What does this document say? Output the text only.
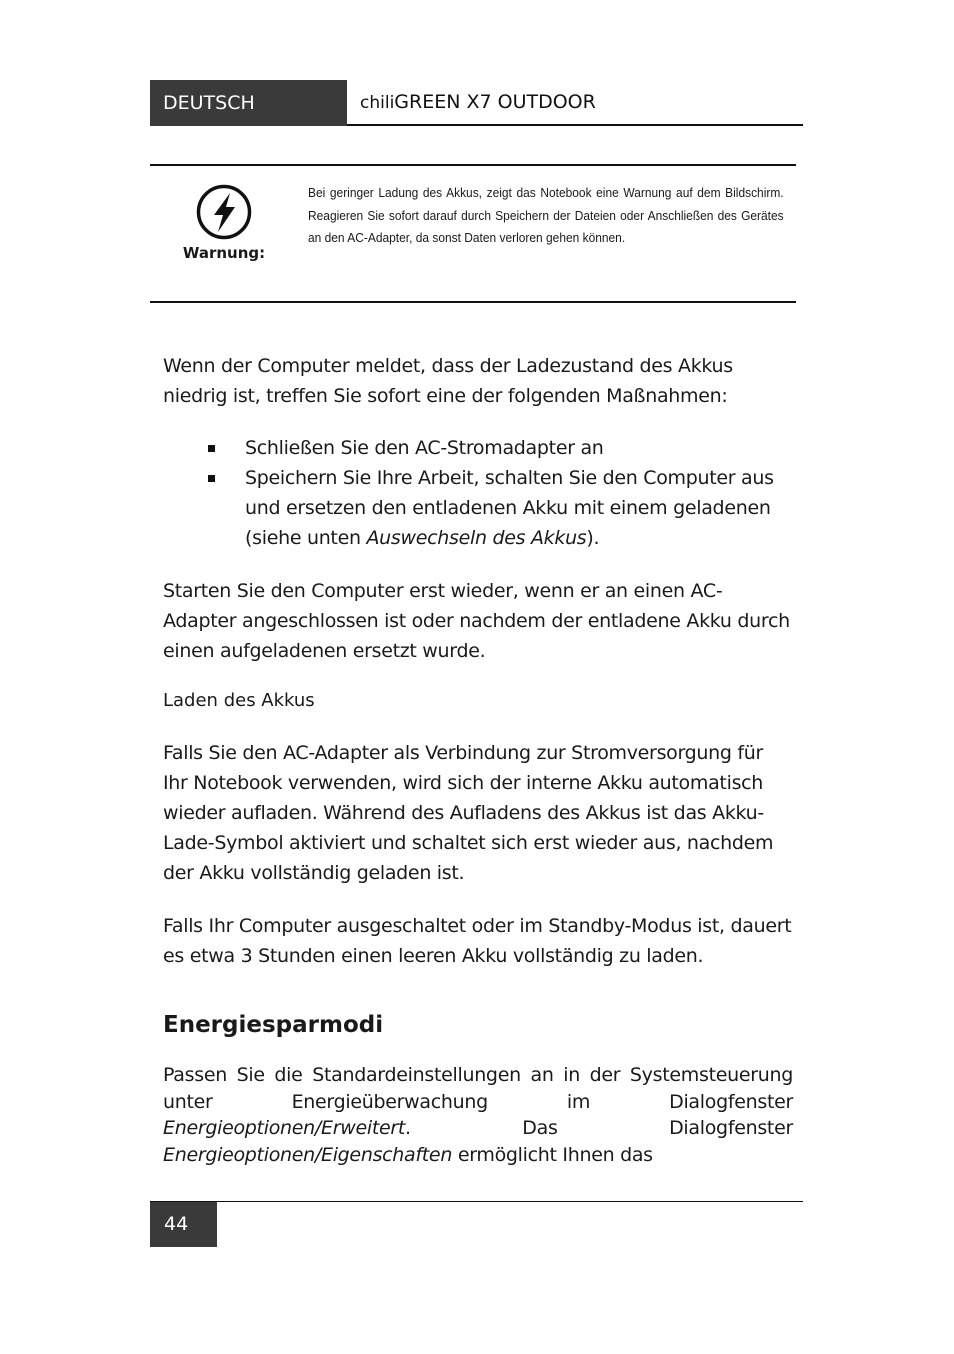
DEUTSCH	chiliGREEN X7 OUTDOOR
Warnung:
Bei geringer Ladung des Akkus, zeigt das Notebook eine Warnung auf dem Bildschirm. Reagieren Sie sofort darauf durch Speichern der Dateien oder Anschließen des Gerätes an den AC-Adapter, da sonst Daten verloren gehen können.
Wenn der Computer meldet, dass der Ladezustand des Akkus niedrig ist, treffen Sie sofort eine der folgenden Maßnahmen:
Schließen Sie den AC-Stromadapter an
Speichern Sie Ihre Arbeit, schalten Sie den Computer aus und ersetzen den entladenen Akku mit einem geladenen (siehe unten Auswechseln des Akkus).
Starten Sie den Computer erst wieder, wenn er an einen AC-Adapter angeschlossen ist oder nachdem der entladene Akku durch einen aufgeladenen ersetzt wurde.
Laden des Akkus
Falls Sie den AC-Adapter als Verbindung zur Stromversorgung für Ihr Notebook verwenden, wird sich der interne Akku automatisch wieder aufladen. Während des Aufladens des Akkus ist das Akku-Lade-Symbol aktiviert und schaltet sich erst wieder aus, nachdem der Akku vollständig geladen ist.
Falls Ihr Computer ausgeschaltet oder im Standby-Modus ist, dauert es etwa 3 Stunden einen leeren Akku vollständig zu laden.
Energiesparmodi
Passen Sie die Standardeinstellungen an in der Systemsteuerung unter Energieüberwachung im Dialogfenster Energieoptionen/Erweitert. Das Dialogfenster Energieoptionen/Eigenschaften ermöglicht Ihnen das
44
